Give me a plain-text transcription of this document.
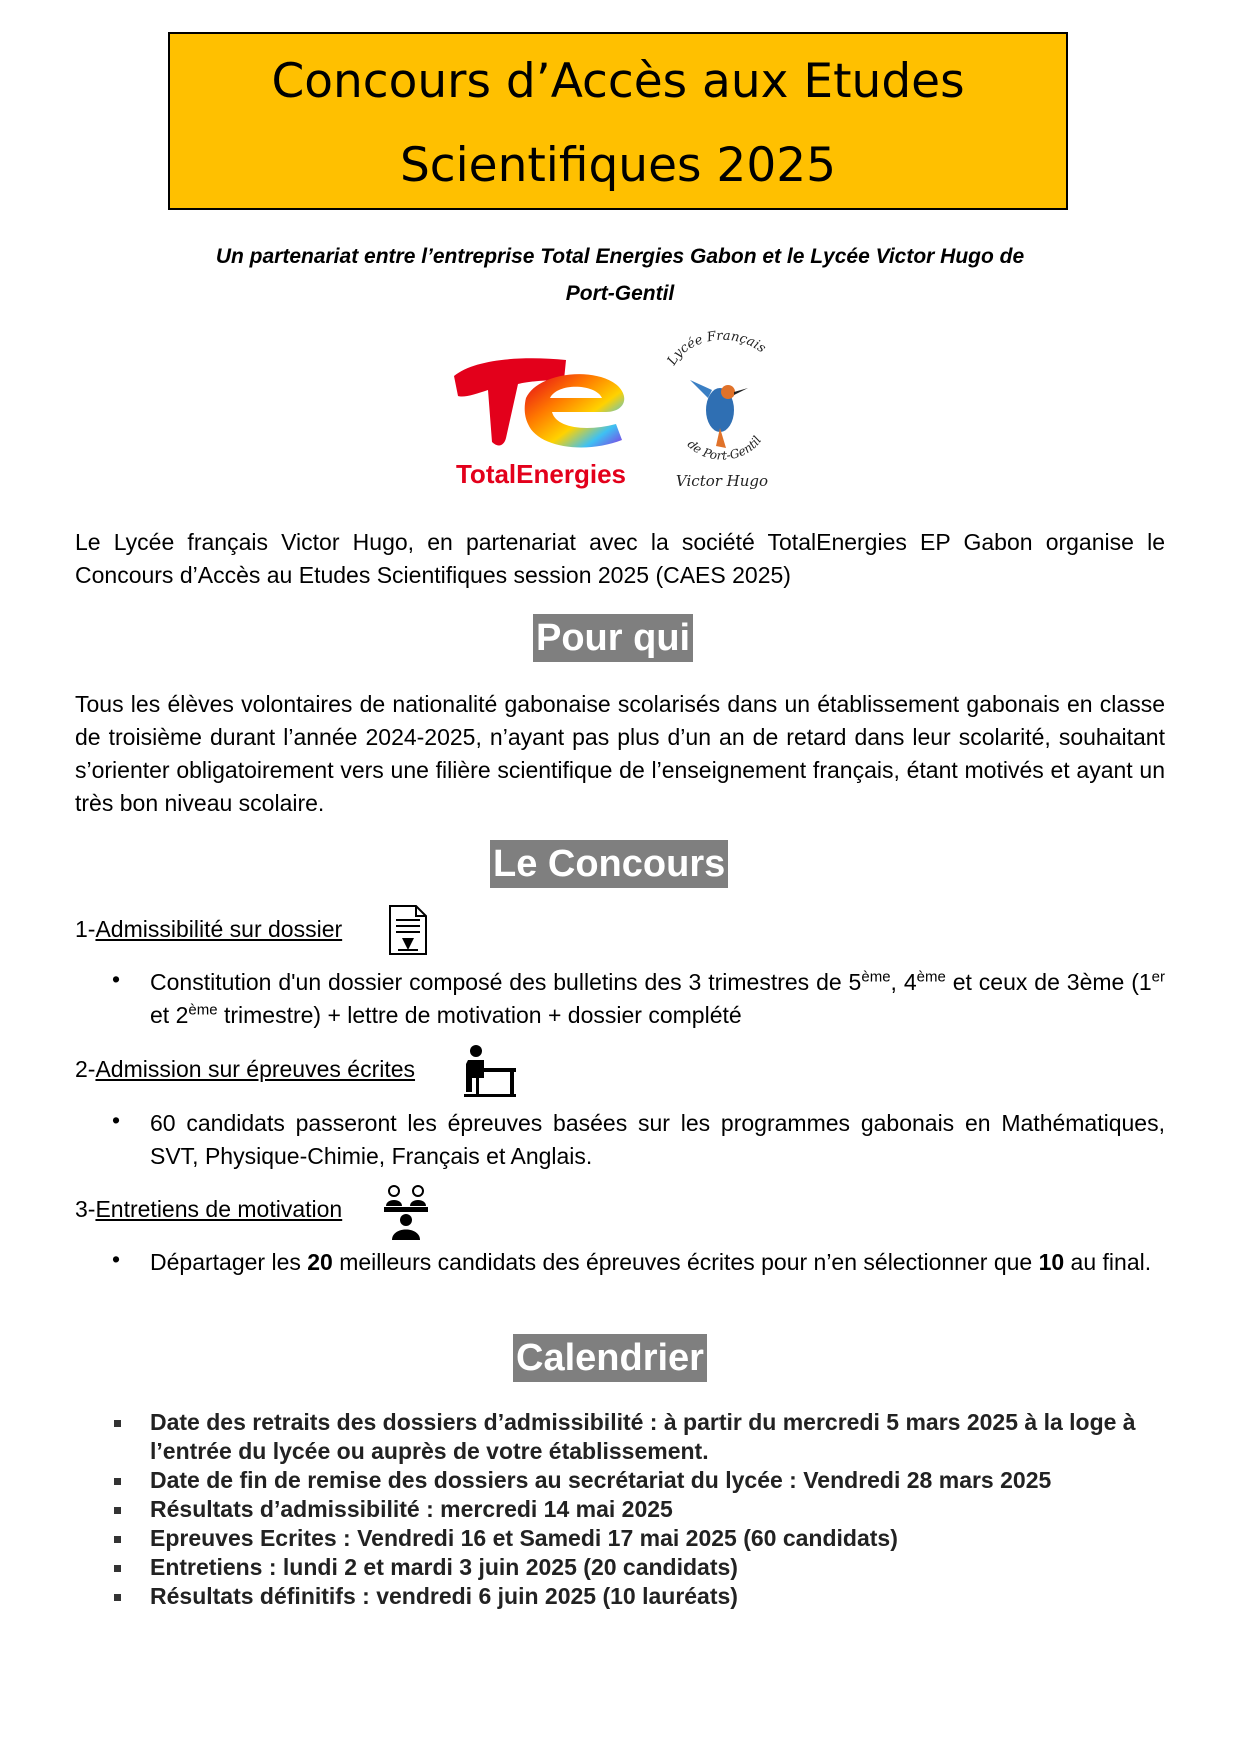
Concours d’Accès aux Etudes
Scientifiques 2025
Un partenariat entre l’entreprise Total Energies Gabon et le Lycée Victor Hugo de
Port-Gentil
TotalEnergies
Lycée Français
de Port-Gentil
Victor Hugo
Le Lycée français Victor Hugo, en partenariat avec la société TotalEnergies EP Gabon organise le Concours d’Accès au Etudes Scientifiques session 2025 (CAES 2025)
Pour qui
Tous les élèves volontaires de nationalité gabonaise scolarisés dans un établissement gabonais en classe de troisième durant l’année 2024-2025, n’ayant pas plus d’un an de retard dans leur scolarité, souhaitant s’orienter obligatoirement vers une filière scientifique de l’enseignement français, étant motivés et ayant un très bon niveau scolaire.
Le Concours
1-Admissibilité sur dossier
• Constitution d'un dossier composé des bulletins des 3 trimestres de 5ème, 4ème et ceux de 3ème (1er et 2ème trimestre) + lettre de motivation + dossier complété
2-Admission sur épreuves écrites
• 60 candidats passeront les épreuves basées sur les programmes gabonais en Mathématiques, SVT, Physique-Chimie, Français et Anglais.
3-Entretiens de motivation
• Départager les 20 meilleurs candidats des épreuves écrites pour n’en sélectionner que 10 au final.
Calendrier
Date des retraits des dossiers d’admissibilité : à partir du mercredi 5 mars 2025 à la loge à l’entrée du lycée ou auprès de votre établissement.
Date de fin de remise des dossiers au secrétariat du lycée : Vendredi 28 mars 2025
Résultats d’admissibilité : mercredi 14 mai 2025
Epreuves Ecrites : Vendredi 16 et Samedi 17 mai 2025 (60 candidats)
Entretiens : lundi 2 et mardi 3 juin 2025 (20 candidats)
Résultats définitifs : vendredi 6 juin 2025 (10 lauréats)
